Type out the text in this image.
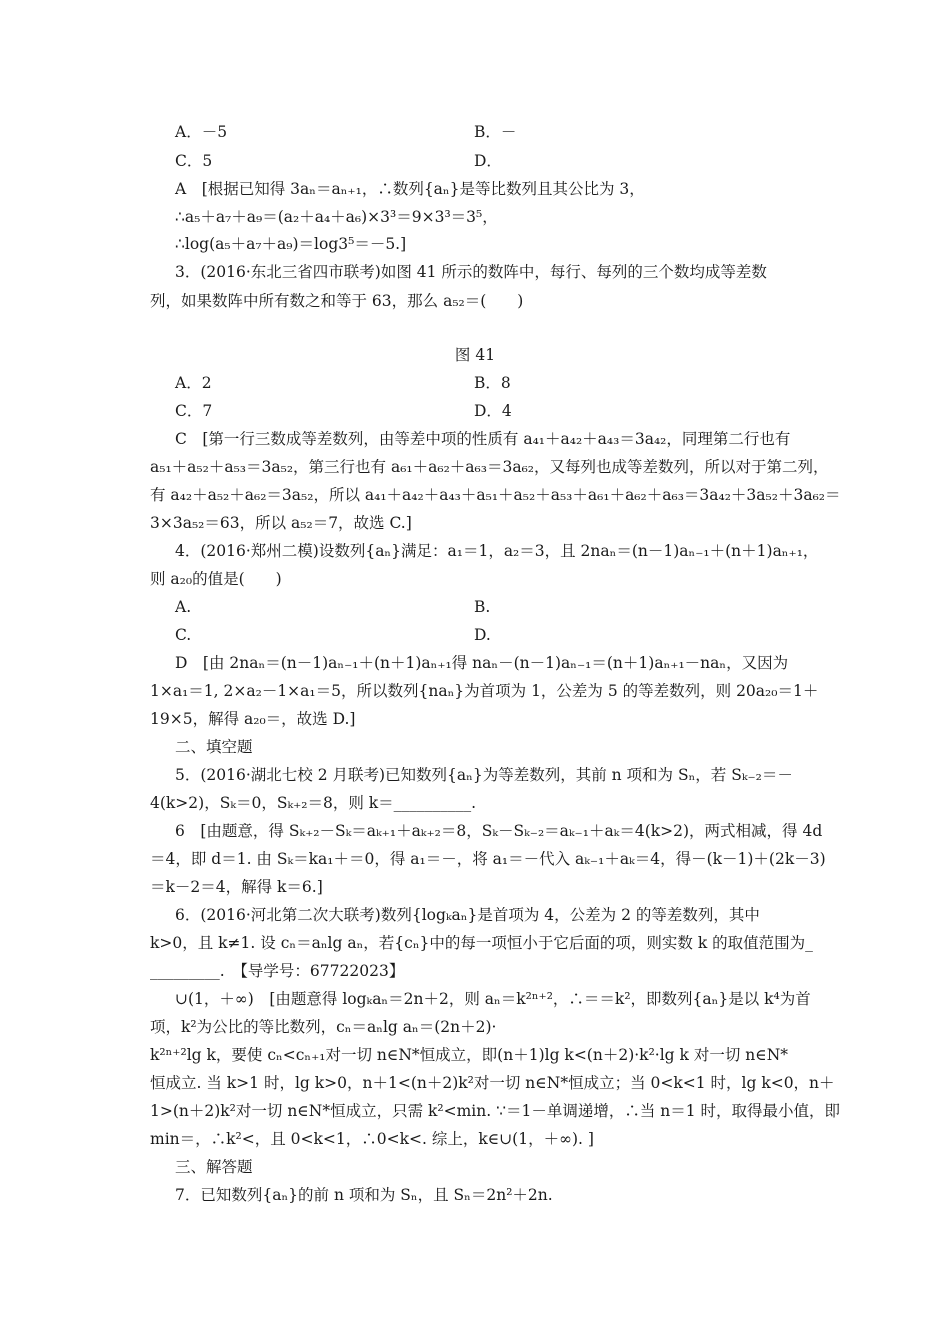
A．－5	B．－
C．5	D．
A　[根据已知得 3aₙ＝aₙ₊₁，∴数列{aₙ}是等比数列且其公比为 3，
∴a₅＋a₇＋a₉＝(a₂＋a₄＋a₆)×3³＝9×3³＝3⁵，
∴log(a₅＋a₇＋a₉)＝log3⁵＝－5.]
3．(2016·东北三省四市联考)如图 41 所示的数阵中，每行、每列的三个数均成等差数
列，如果数阵中所有数之和等于 63，那么 a₅₂＝(　　)
图 41
A．2	B．8
C．7	D．4
C　[第一行三数成等差数列，由等差中项的性质有 a₄₁＋a₄₂＋a₄₃＝3a₄₂，同理第二行也有
a₅₁＋a₅₂＋a₅₃＝3a₅₂，第三行也有 a₆₁＋a₆₂＋a₆₃＝3a₆₂，又每列也成等差数列，所以对于第二列，
有 a₄₂＋a₅₂＋a₆₂＝3a₅₂，所以 a₄₁＋a₄₂＋a₄₃＋a₅₁＋a₅₂＋a₅₃＋a₆₁＋a₆₂＋a₆₃＝3a₄₂＋3a₅₂＋3a₆₂＝
3×3a₅₂＝63，所以 a₅₂＝7，故选 C.]
4．(2016·郑州二模)设数列{aₙ}满足：a₁＝1，a₂＝3，且 2naₙ＝(n－1)aₙ₋₁＋(n＋1)aₙ₊₁，
则 a₂₀的值是(　　)
A.	B.
C.	D.
D　[由 2naₙ＝(n－1)aₙ₋₁＋(n＋1)aₙ₊₁得 naₙ－(n－1)aₙ₋₁＝(n＋1)aₙ₊₁－naₙ，又因为
1×a₁＝1, 2×a₂－1×a₁＝5，所以数列{naₙ}为首项为 1，公差为 5 的等差数列，则 20a₂₀＝1＋
19×5，解得 a₂₀＝，故选 D.]
二、填空题
5．(2016·湖北七校 2 月联考)已知数列{aₙ}为等差数列，其前 n 项和为 Sₙ，若 Sₖ₋₂＝－
4(k>2)，Sₖ＝0，Sₖ₊₂＝8，则 k＝__________.
6　[由题意，得 Sₖ₊₂－Sₖ＝aₖ₊₁＋aₖ₊₂＝8，Sₖ－Sₖ₋₂＝aₖ₋₁＋aₖ＝4(k>2)，两式相减，得 4d
＝4，即 d＝1. 由 Sₖ＝ka₁＋＝0，得 a₁＝－，将 a₁＝－代入 aₖ₋₁＋aₖ＝4，得－(k－1)＋(2k－3)
＝k－2＝4，解得 k＝6.]
6．(2016·河北第二次大联考)数列{logₖaₙ}是首项为 4，公差为 2 的等差数列，其中
k>0，且 k≠1. 设 cₙ＝aₙlg aₙ，若{cₙ}中的每一项恒小于它后面的项，则实数 k 的取值范围为_
_________.　【导学号：67722023】
∪(1，＋∞)　[由题意得 logₖaₙ＝2n＋2，则 aₙ＝k²ⁿ⁺²，∴＝＝k²，即数列{aₙ}是以 k⁴为首
项，k²为公比的等比数列，cₙ＝aₙlg aₙ＝(2n＋2)·
k²ⁿ⁺²lg k，要使 cₙ<cₙ₊₁对一切 n∈N*恒成立，即(n＋1)lg k<(n＋2)·k²·lg k 对一切 n∈N*
恒成立. 当 k>1 时，lg k>0，n＋1<(n＋2)k²对一切 n∈N*恒成立；当 0<k<1 时，lg k<0，n＋
1>(n＋2)k²对一切 n∈N*恒成立，只需 k²<min. ∵＝1－单调递增，∴当 n＝1 时，取得最小值，即
min＝，∴k²<，且 0<k<1，∴0<k<. 综上，k∈∪(1，＋∞). ]
三、解答题
7．已知数列{aₙ}的前 n 项和为 Sₙ，且 Sₙ＝2n²＋2n.
